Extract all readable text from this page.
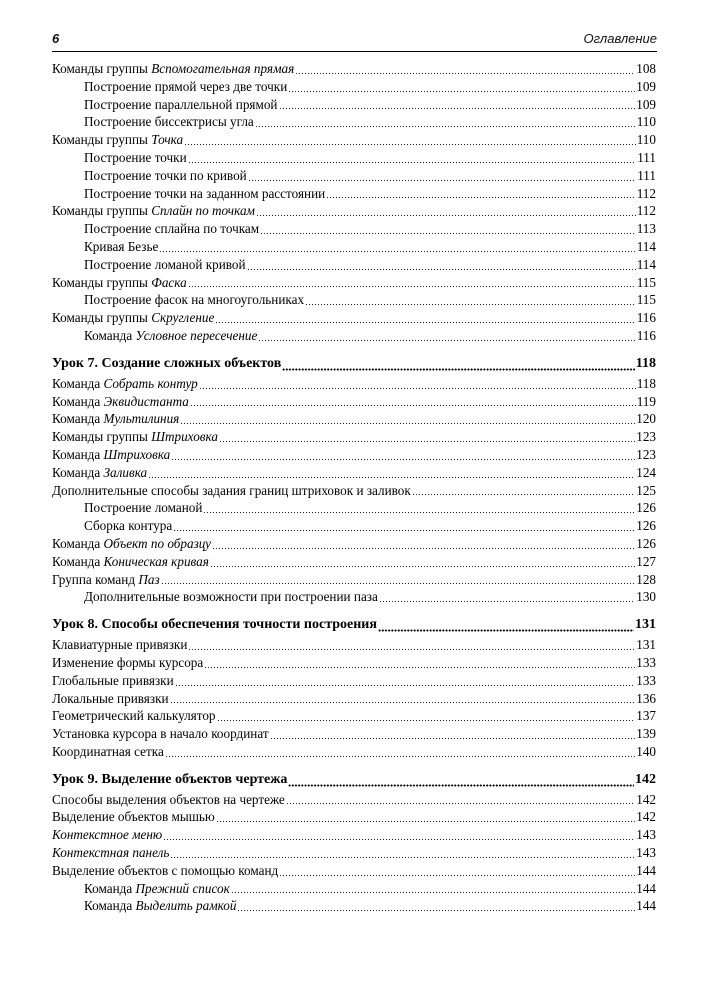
6	Оглавление
Команды группы Вспомогательная прямая	108
Построение прямой через две точки	109
Построение параллельной прямой	109
Построение биссектрисы угла	110
Команды группы Точка	110
Построение точки	111
Построение точки по кривой	111
Построение точки на заданном расстоянии	112
Команды группы Сплайн по точкам	112
Построение сплайна по точкам	113
Кривая Безье	114
Построение ломаной кривой	114
Команды группы Фаска	115
Построение фасок на многоугольниках	115
Команды группы Скругление	116
Команда Условное пересечение	116
Урок 7. Создание сложных объектов	118
Команда Собрать контур	118
Команда Эквидистанта	119
Команда Мультилиния	120
Команды группы Штриховка	123
Команда Штриховка	123
Команда Заливка	124
Дополнительные способы задания границ штриховок и заливок	125
Построение ломаной	126
Сборка контура	126
Команда Объект по образцу	126
Команда Коническая кривая	127
Группа команд Паз	128
Дополнительные возможности при построении паза	130
Урок 8. Способы обеспечения точности построения	131
Клавиатурные привязки	131
Изменение формы курсора	133
Глобальные привязки	133
Локальные привязки	136
Геометрический калькулятор	137
Установка курсора в начало координат	139
Координатная сетка	140
Урок 9. Выделение объектов чертежа	142
Способы выделения объектов на чертеже	142
Выделение объектов мышью	142
Контекстное меню	143
Контекстная панель	143
Выделение объектов с помощью команд	144
Команда Прежний список	144
Команда Выделить рамкой	144
